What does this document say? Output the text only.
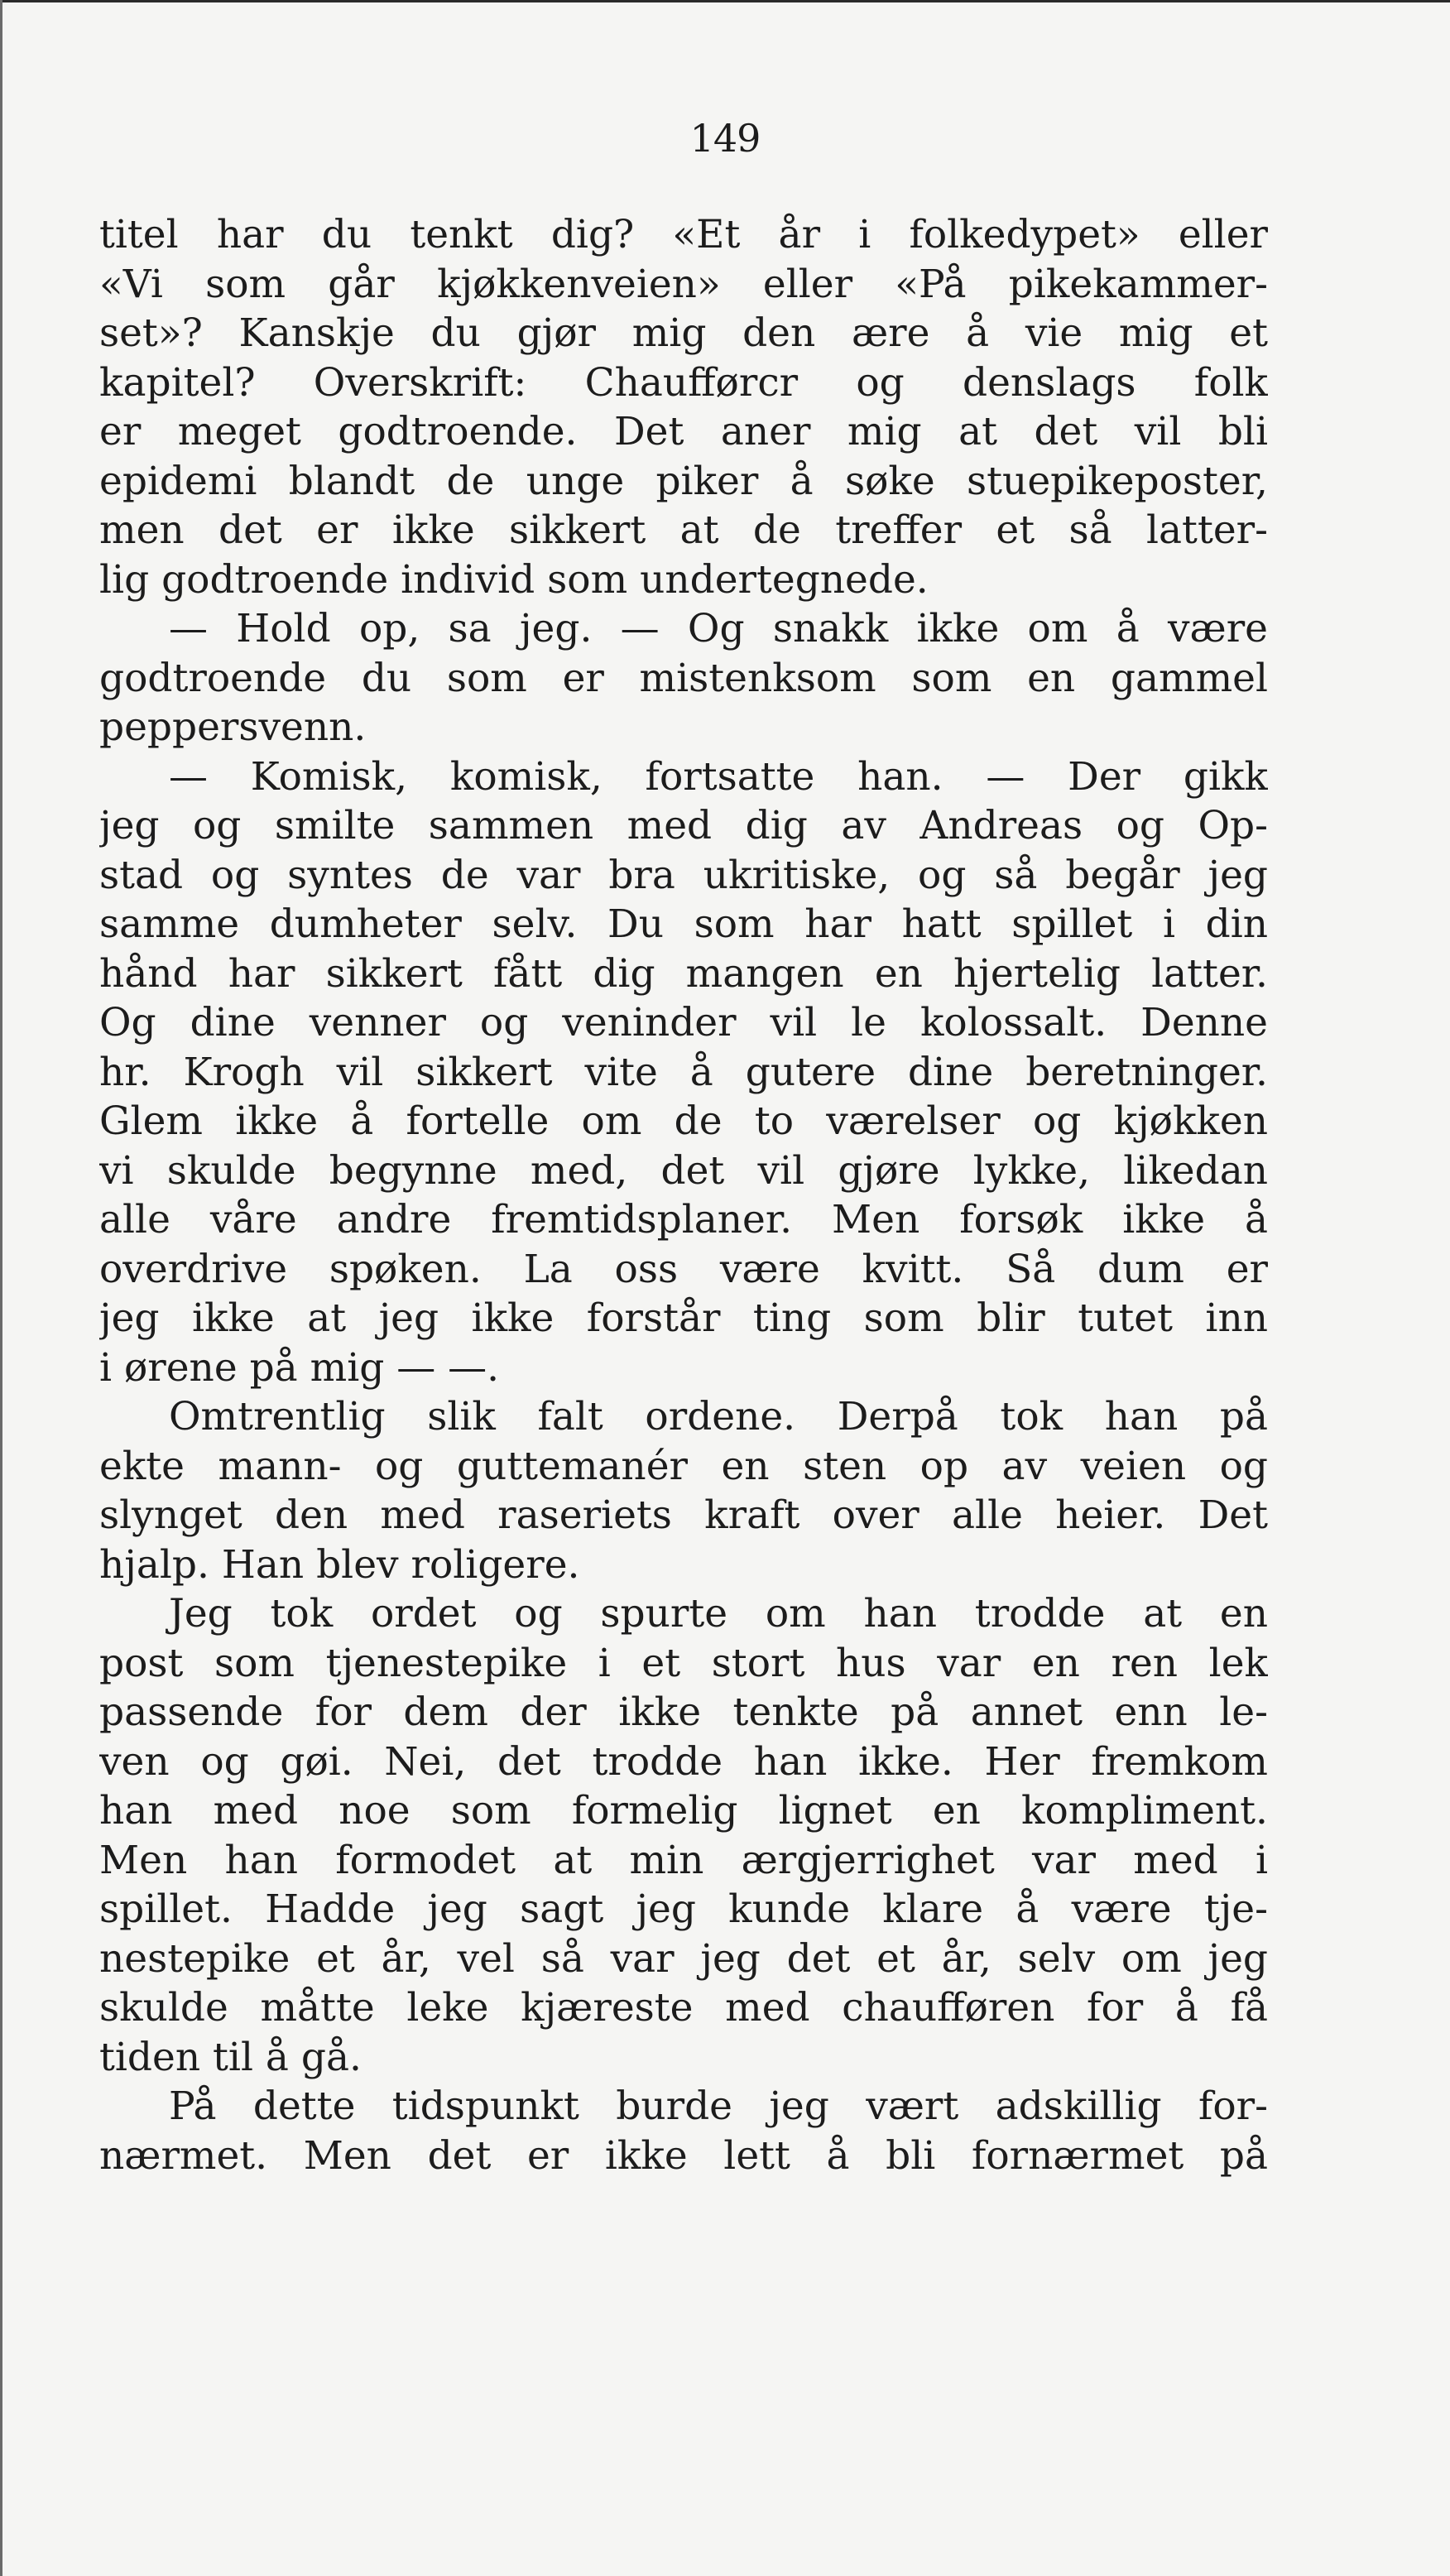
149
titel har du tenkt dig? «Et år i folkedypet» eller
«Vi som går kjøkkenveien» eller «På pikekammer-
set»? Kanskje du gjør mig den ære å vie mig et
kapitel? Overskrift: Chaufførcr og denslags folk
er meget godtroende. Det aner mig at det vil bli
epidemi blandt de unge piker å søke stuepikeposter,
men det er ikke sikkert at de treffer et så latter-
lig godtroende individ som undertegnede.
— Hold op, sa jeg. — Og snakk ikke om å være
godtroende du som er mistenksom som en gammel
peppersvenn.
— Komisk, komisk, fortsatte han. — Der gikk
jeg og smilte sammen med dig av Andreas og Op-
stad og syntes de var bra ukritiske, og så begår jeg
samme dumheter selv. Du som har hatt spillet i din
hånd har sikkert fått dig mangen en hjertelig latter.
Og dine venner og veninder vil le kolossalt. Denne
hr. Krogh vil sikkert vite å gutere dine beretninger.
Glem ikke å fortelle om de to værelser og kjøkken
vi skulde begynne med, det vil gjøre lykke, likedan
alle våre andre fremtidsplaner. Men forsøk ikke å
overdrive spøken. La oss være kvitt. Så dum er
jeg ikke at jeg ikke forstår ting som blir tutet inn
i ørene på mig — —.
Omtrentlig slik falt ordene. Derpå tok han på
ekte mann- og guttemanér en sten op av veien og
slynget den med raseriets kraft over alle heier. Det
hjalp. Han blev roligere.
Jeg tok ordet og spurte om han trodde at en
post som tjenestepike i et stort hus var en ren lek
passende for dem der ikke tenkte på annet enn le-
ven og gøi. Nei, det trodde han ikke. Her fremkom
han med noe som formelig lignet en kompliment.
Men han formodet at min ærgjerrighet var med i
spillet. Hadde jeg sagt jeg kunde klare å være tje-
nestepike et år, vel så var jeg det et år, selv om jeg
skulde måtte leke kjæreste med chaufføren for å få
tiden til å gå.
På dette tidspunkt burde jeg vært adskillig for-
nærmet. Men det er ikke lett å bli fornærmet på
